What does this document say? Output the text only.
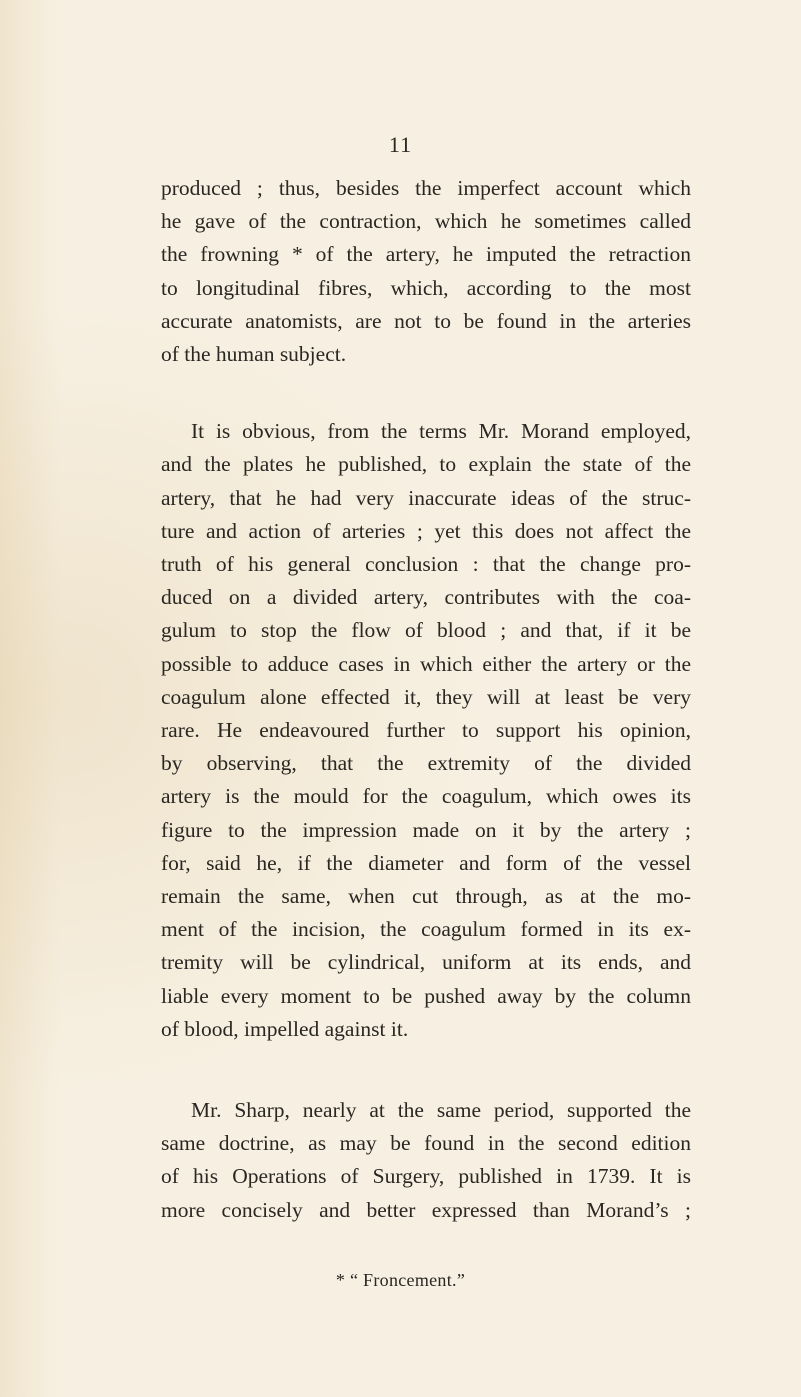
11

produced ; thus, besides the imperfect account which
he gave of the contraction, which he sometimes called
the frowning * of the artery, he imputed the retraction
to longitudinal fibres, which, according to the most
accurate anatomists, are not to be found in the arteries
of the human subject.

It is obvious, from the terms Mr. Morand employed,
and the plates he published, to explain the state of the
artery, that he had very inaccurate ideas of the struc-
ture and action of arteries ; yet this does not affect the
truth of his general conclusion : that the change pro-
duced on a divided artery, contributes with the coa-
gulum to stop the flow of blood ; and that, if it be
possible to adduce cases in which either the artery or the
coagulum alone effected it, they will at least be very
rare. He endeavoured further to support his opinion,
by observing, that the extremity of the divided
artery is the mould for the coagulum, which owes its
figure to the impression made on it by the artery ;
for, said he, if the diameter and form of the vessel
remain the same, when cut through, as at the mo-
ment of the incision, the coagulum formed in its ex-
tremity will be cylindrical, uniform at its ends, and
liable every moment to be pushed away by the column
of blood, impelled against it.

Mr. Sharp, nearly at the same period, supported the
same doctrine, as may be found in the second edition
of his Operations of Surgery, published in 1739. It is
more concisely and better expressed than Morand’s ;

* “ Froncement.”
